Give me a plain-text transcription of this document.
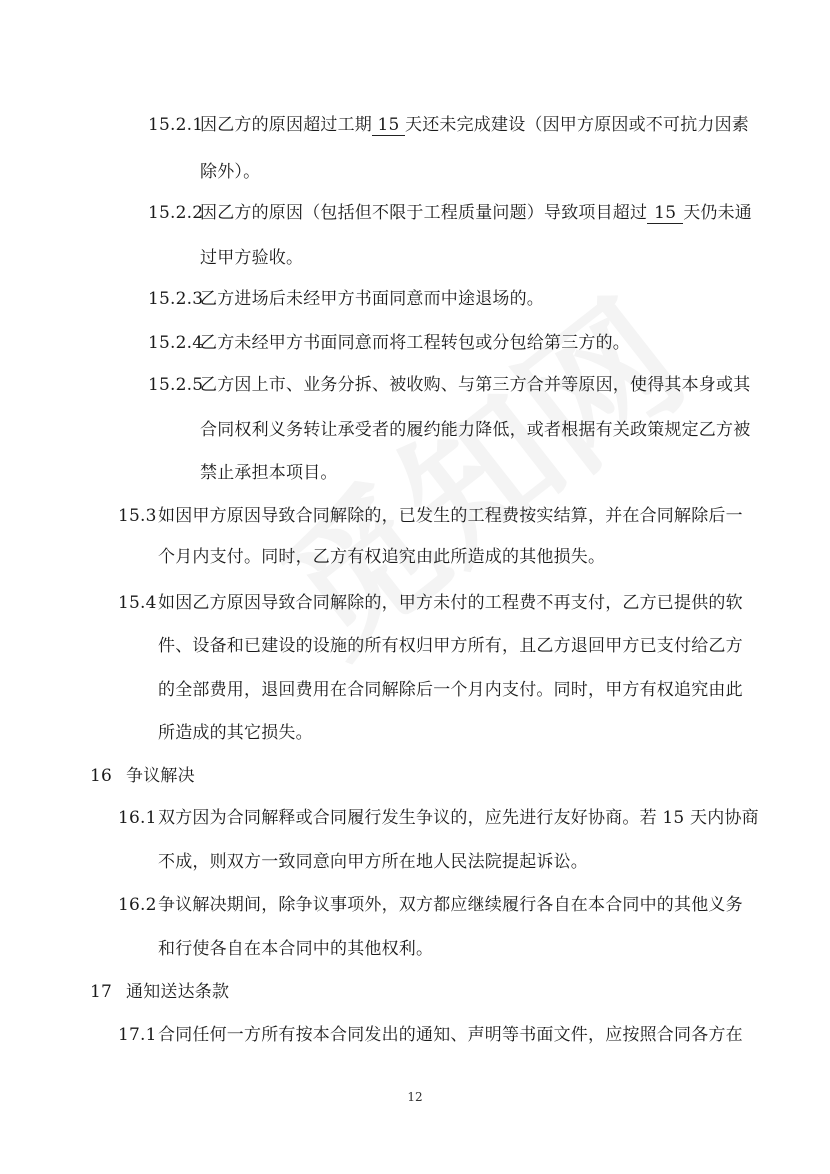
15.2.1因乙方的原因超过工期 15 天还未完成建设（因甲方原因或不可抗力因素
除外）。
15.2.2因乙方的原因（包括但不限于工程质量问题）导致项目超过 15 天仍未通
过甲方验收。
15.2.3乙方进场后未经甲方书面同意而中途退场的。
15.2.4乙方未经甲方书面同意而将工程转包或分包给第三方的。
15.2.5乙方因上市、业务分拆、被收购、与第三方合并等原因，使得其本身或其
合同权利义务转让承受者的履约能力降低，或者根据有关政策规定乙方被
禁止承担本项目。
15.3如因甲方原因导致合同解除的，已发生的工程费按实结算，并在合同解除后一
个月内支付。同时，乙方有权追究由此所造成的其他损失。
15.4如因乙方原因导致合同解除的，甲方未付的工程费不再支付，乙方已提供的软
件、设备和已建设的设施的所有权归甲方所有，且乙方退回甲方已支付给乙方
的全部费用，退回费用在合同解除后一个月内支付。同时，甲方有权追究由此
所造成的其它损失。
16 争议解决
16.1双方因为合同解释或合同履行发生争议的，应先进行友好协商。若 15 天内协商
不成，则双方一致同意向甲方所在地人民法院提起诉讼。
16.2争议解决期间，除争议事项外，双方都应继续履行各自在本合同中的其他义务
和行使各自在本合同中的其他权利。
17 通知送达条款
17.1合同任何一方所有按本合同发出的通知、声明等书面文件，应按照合同各方在
12
